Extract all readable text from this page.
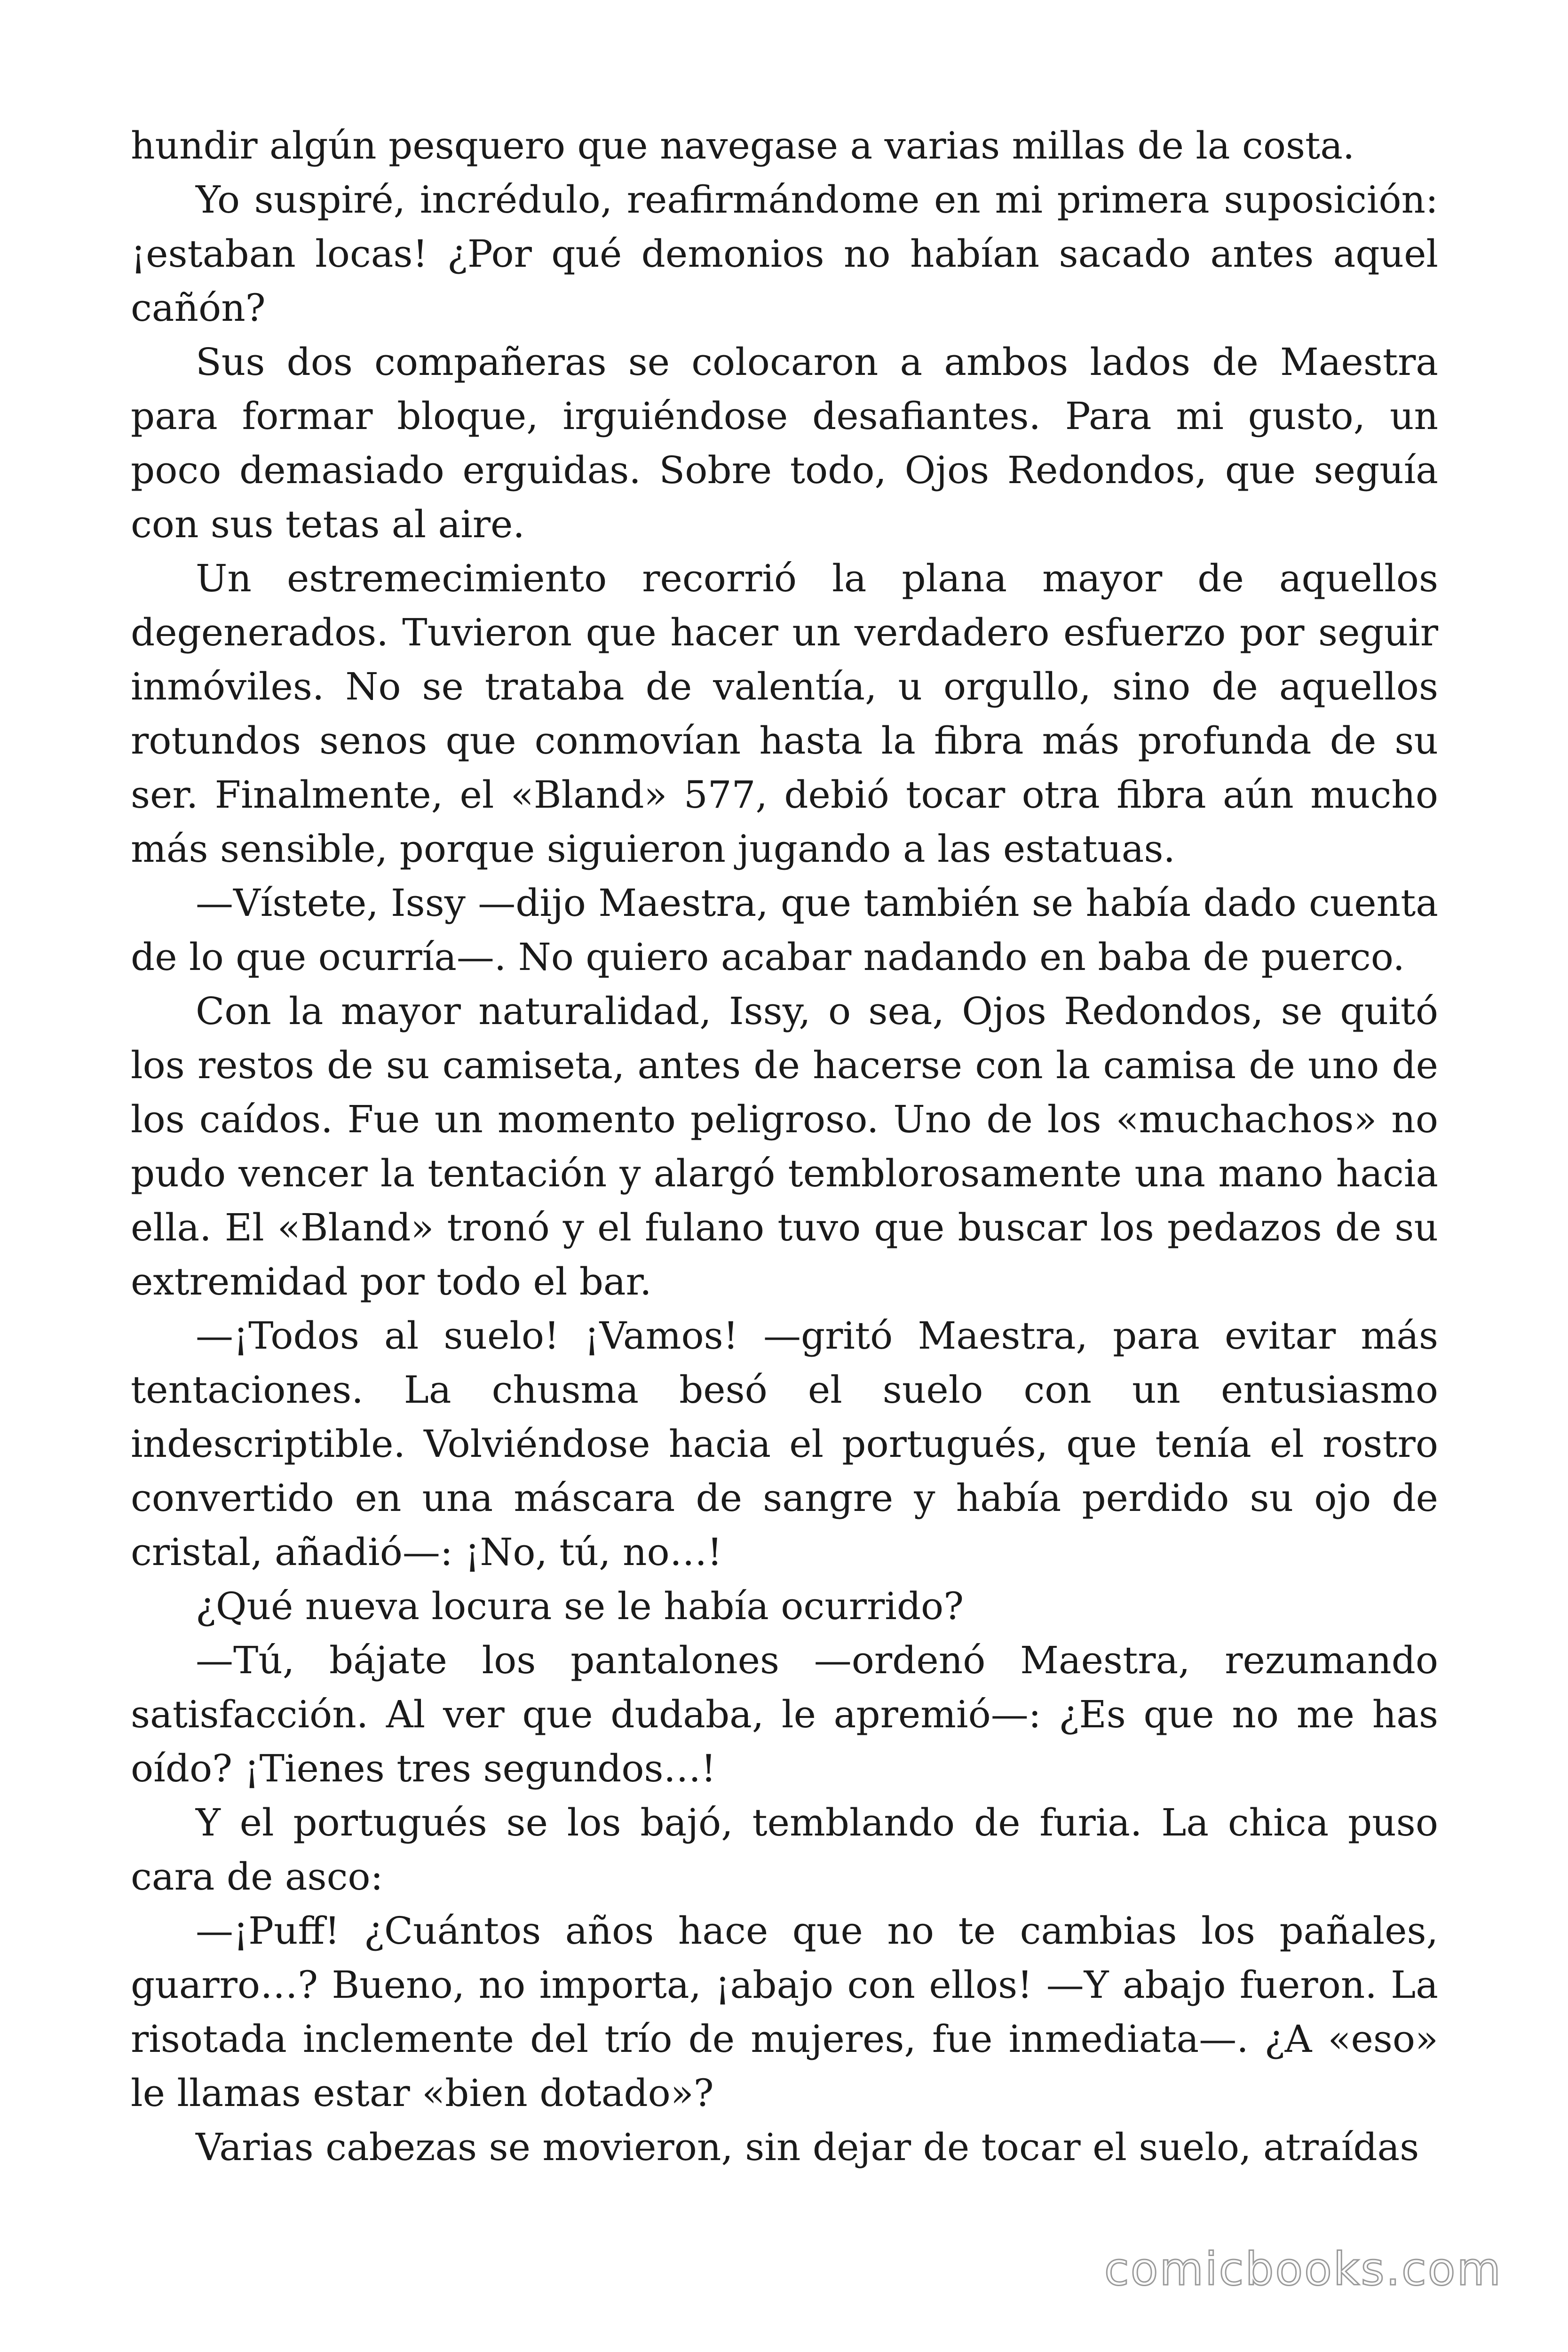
hundir algún pesquero que navegase a varias millas de la costa.

Yo suspiré, incrédulo, reafirmándome en mi primera suposición: ¡estaban locas! ¿Por qué demonios no habían sacado antes aquel cañón?

Sus dos compañeras se colocaron a ambos lados de Maestra para formar bloque, irguiéndose desafiantes. Para mi gusto, un poco demasiado erguidas. Sobre todo, Ojos Redondos, que seguía con sus tetas al aire.

Un estremecimiento recorrió la plana mayor de aquellos degenerados. Tuvieron que hacer un verdadero esfuerzo por seguir inmóviles. No se trataba de valentía, u orgullo, sino de aquellos rotundos senos que conmovían hasta la fibra más profunda de su ser. Finalmente, el «Bland» 577, debió tocar otra fibra aún mucho más sensible, porque siguieron jugando a las estatuas.

—Vístete, Issy —dijo Maestra, que también se había dado cuenta de lo que ocurría—. No quiero acabar nadando en baba de puerco.

Con la mayor naturalidad, Issy, o sea, Ojos Redondos, se quitó los restos de su camiseta, antes de hacerse con la camisa de uno de los caídos. Fue un momento peligroso. Uno de los «muchachos» no pudo vencer la tentación y alargó temblorosamente una mano hacia ella. El «Bland» tronó y el fulano tuvo que buscar los pedazos de su extremidad por todo el bar.

—¡Todos al suelo! ¡Vamos! —gritó Maestra, para evitar más tentaciones. La chusma besó el suelo con un entusiasmo indescriptible. Volviéndose hacia el portugués, que tenía el rostro convertido en una máscara de sangre y había perdido su ojo de cristal, añadió—: ¡No, tú, no…!

¿Qué nueva locura se le había ocurrido?

—Tú, bájate los pantalones —ordenó Maestra, rezumando satisfacción. Al ver que dudaba, le apremió—: ¿Es que no me has oído? ¡Tienes tres segundos…!

Y el portugués se los bajó, temblando de furia. La chica puso cara de asco:

—¡Puff! ¿Cuántos años hace que no te cambias los pañales, guarro…? Bueno, no importa, ¡abajo con ellos! —Y abajo fueron. La risotada inclemente del trío de mujeres, fue inmediata—. ¿A «eso» le llamas estar «bien dotado»?

Varias cabezas se movieron, sin dejar de tocar el suelo, atraídas

comicbooks.com
